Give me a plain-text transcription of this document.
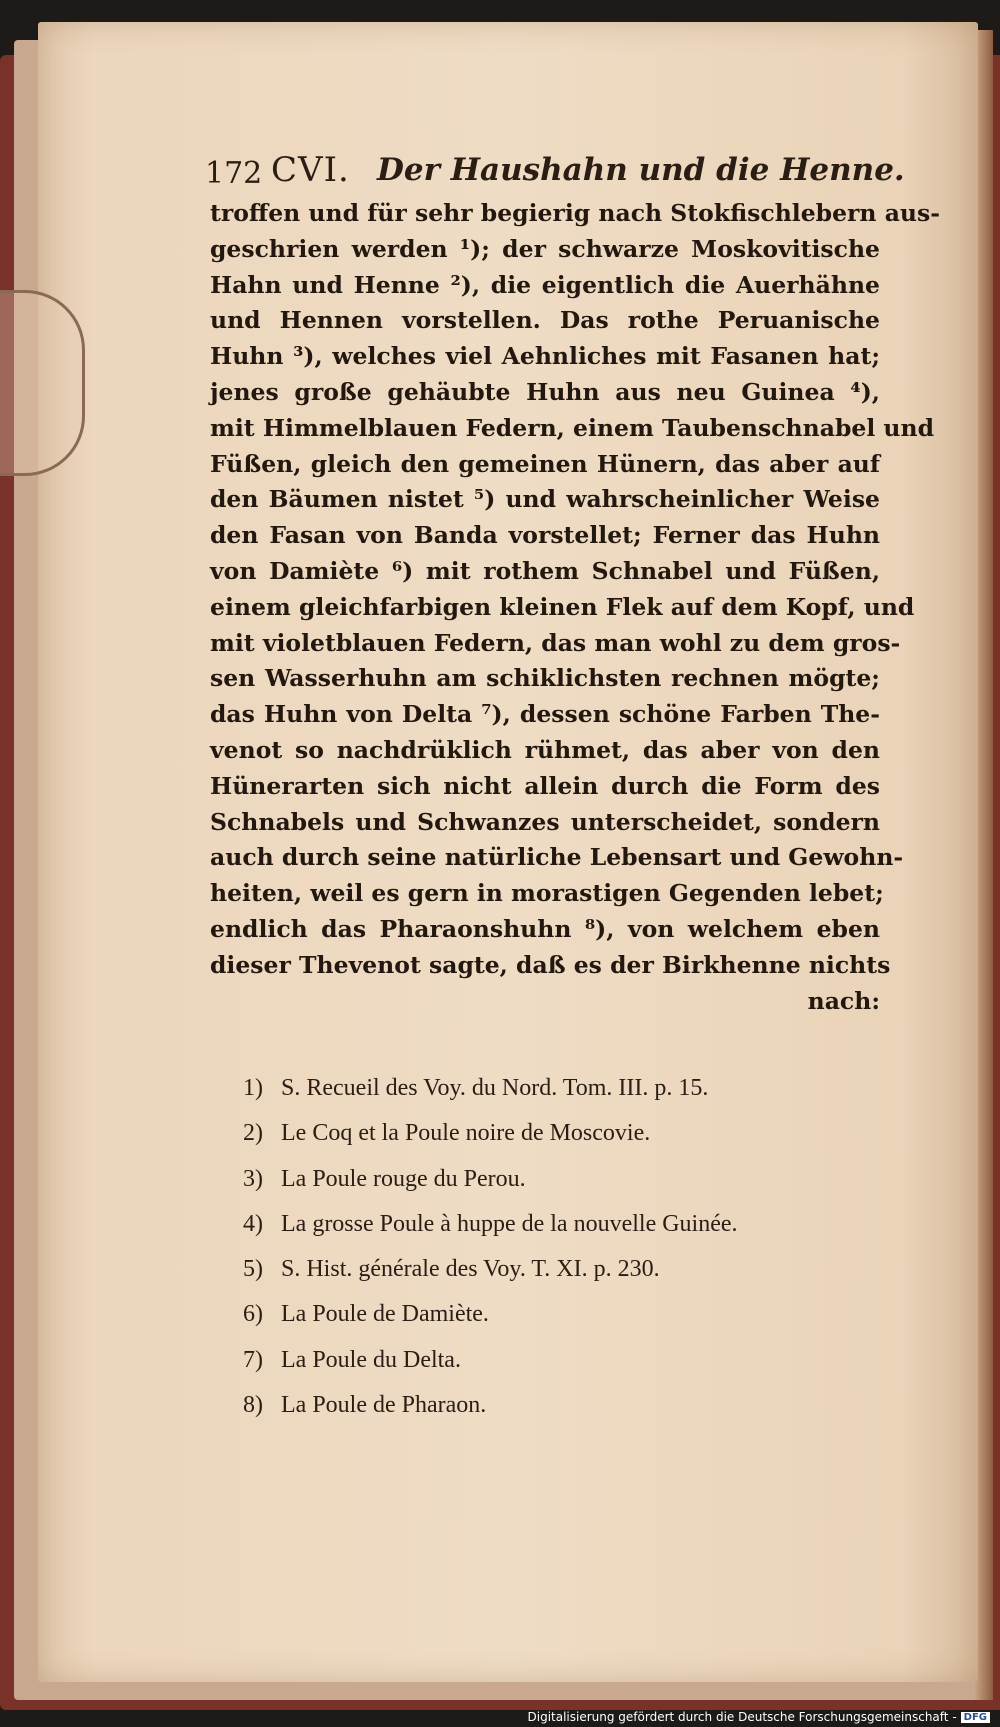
172 CVI. Der Haushahn und die Henne.
troffen und für sehr begierig nach Stokfischlebern aus-
geschrien werden ¹); der schwarze Moskovitische
Hahn und Henne ²), die eigentlich die Auerhähne
und Hennen vorstellen. Das rothe Peruanische
Huhn ³), welches viel Aehnliches mit Fasanen hat;
jenes große gehäubte Huhn aus neu Guinea ⁴),
mit Himmelblauen Federn, einem Taubenschnabel und
Füßen, gleich den gemeinen Hünern, das aber auf
den Bäumen nistet ⁵) und wahrscheinlicher Weise
den Fasan von Banda vorstellet; Ferner das Huhn
von Damiète ⁶) mit rothem Schnabel und Füßen,
einem gleichfarbigen kleinen Flek auf dem Kopf, und
mit violetblauen Federn, das man wohl zu dem gros-
sen Wasserhuhn am schiklichsten rechnen mögte;
das Huhn von Delta ⁷), dessen schöne Farben The-
venot so nachdrüklich rühmet, das aber von den
Hünerarten sich nicht allein durch die Form des
Schnabels und Schwanzes unterscheidet, sondern
auch durch seine natürliche Lebensart und Gewohn-
heiten, weil es gern in morastigen Gegenden lebet;
endlich das Pharaonshuhn ⁸), von welchem eben
dieser Thevenot sagte, daß es der Birkhenne nichts
nach:
1) S. Recueil des Voy. du Nord. Tom. III. p. 15.
2) Le Coq et la Poule noire de Moscovie.
3) La Poule rouge du Perou.
4) La grosse Poule à huppe de la nouvelle Guinée.
5) S. Hist. générale des Voy. T. XI. p. 230.
6) La Poule de Damiète.
7) La Poule du Delta.
8) La Poule de Pharaon.
Digitalisierung gefördert durch die Deutsche Forschungsgemeinschaft - DFG
